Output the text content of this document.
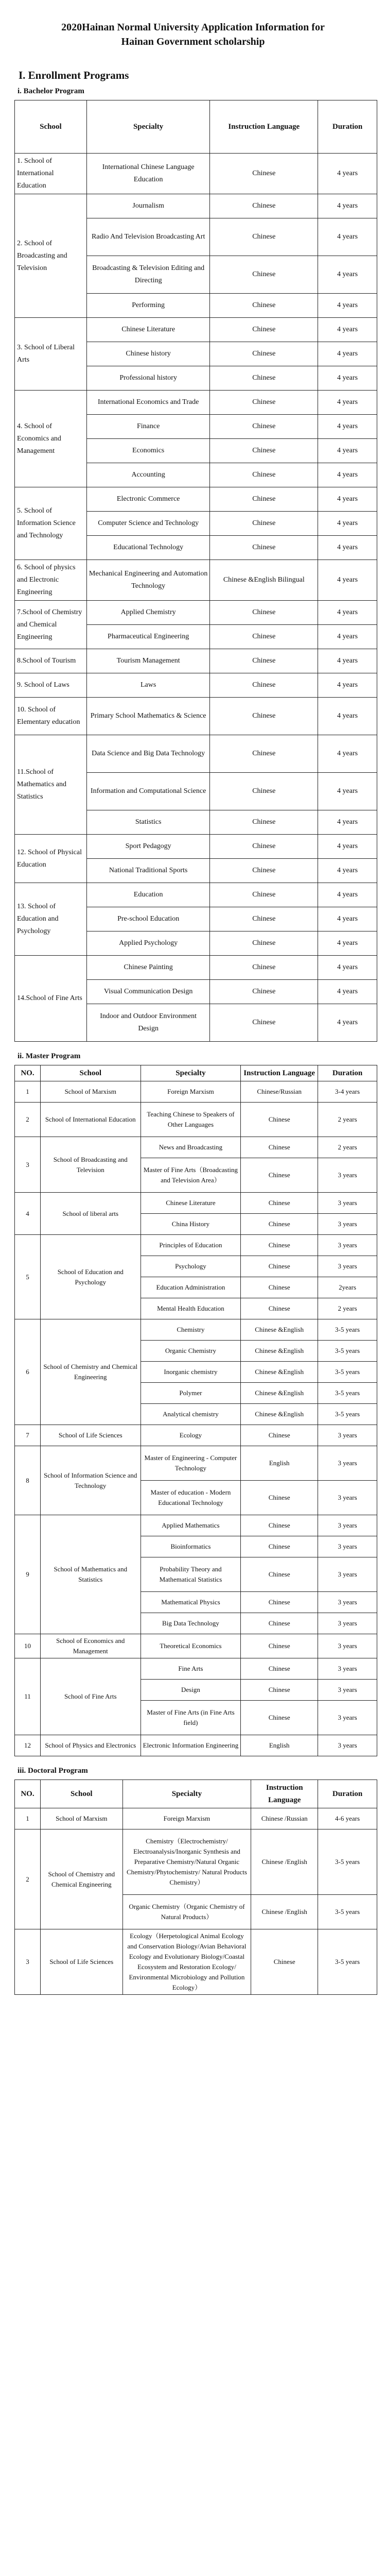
2020Hainan Normal University Application Information for
Hainan Government scholarship
I. Enrollment Programs
i. Bachelor Program
School	Specialty	Instruction Language	Duration
1. School of International Education	International Chinese Language Education	Chinese	4 years
2. School of Broadcasting and Television	Journalism	Chinese	4 years
	Radio And Television Broadcasting Art	Chinese	4 years
	Broadcasting & Television Editing and Directing	Chinese	4 years
	Performing	Chinese	4 years
3. School of Liberal Arts	Chinese Literature	Chinese	4 years
	Chinese history	Chinese	4 years
	Professional history	Chinese	4 years
4. School of Economics and Management	International Economics and Trade	Chinese	4 years
	Finance	Chinese	4 years
	Economics	Chinese	4 years
	Accounting	Chinese	4 years
5. School of Information Science and Technology	Electronic Commerce	Chinese	4 years
	Computer Science and Technology	Chinese	4 years
	Educational Technology	Chinese	4 years
6. School of physics and Electronic Engineering	Mechanical Engineering and Automation Technology	Chinese &English Bilingual	4 years
7.School of Chemistry and Chemical Engineering	Applied Chemistry	Chinese	4 years
	Pharmaceutical Engineering	Chinese	4 years
8.School of Tourism	Tourism Management	Chinese	4 years
9. School of Laws	Laws	Chinese	4 years
10. School of Elementary education	Primary School Mathematics & Science	Chinese	4 years
11.School of Mathematics and Statistics	Data Science and Big Data Technology	Chinese	4 years
	Information and Computational Science	Chinese	4 years
	Statistics	Chinese	4 years
12. School of Physical Education	Sport Pedagogy	Chinese	4 years
	National Traditional Sports	Chinese	4 years
13. School of Education and Psychology	Education	Chinese	4 years
	Pre-school Education	Chinese	4 years
	Applied Psychology	Chinese	4 years
14.School of Fine Arts	Chinese Painting	Chinese	4 years
	Visual Communication Design	Chinese	4 years
	Indoor and Outdoor Environment Design	Chinese	4 years
ii. Master Program
NO.	School	Specialty	Instruction Language	Duration
1	School of Marxism	Foreign Marxism	Chinese/Russian	3-4 years
2	School of International Education	Teaching Chinese to Speakers of Other Languages	Chinese	2 years
3	School of Broadcasting and Television	News and Broadcasting	Chinese	2 years
		Master of Fine Arts（Broadcasting and Television Area）	Chinese	3 years
4	School of liberal arts	Chinese Literature	Chinese	3 years
		China History	Chinese	3 years
5	School of Education and Psychology	Principles of Education	Chinese	3 years
		Psychology	Chinese	3 years
		Education Administration	Chinese	2years
		Mental Health Education	Chinese	2 years
6	School of Chemistry and Chemical Engineering	Chemistry	Chinese &English	3-5 years
		Organic Chemistry	Chinese &English	3-5 years
		Inorganic chemistry	Chinese &English	3-5 years
		Polymer	Chinese &English	3-5 years
		Analytical chemistry	Chinese &English	3-5 years
7	School of Life Sciences	Ecology	Chinese	3 years
8	School of Information Science and Technology	Master of Engineering - Computer Technology	English	3 years
		Master of education - Modern Educational Technology	Chinese	3 years
9	School of Mathematics and Statistics	Applied Mathematics	Chinese	3 years
		Bioinformatics	Chinese	3 years
		Probability Theory and Mathematical Statistics	Chinese	3 years
		Mathematical Physics	Chinese	3 years
		Big Data Technology	Chinese	3 years
10	School of Economics and Management	Theoretical Economics	Chinese	3 years
11	School of Fine Arts	Fine Arts	Chinese	3 years
		Design	Chinese	3 years
		Master of Fine Arts (in Fine Arts field)	Chinese	3 years
12	School of Physics and Electronics	Electronic Information Engineering	English	3 years
iii. Doctoral Program
NO.	School	Specialty	Instruction Language	Duration
1	School of Marxism	Foreign Marxism	Chinese /Russian	4-6 years
2	School of Chemistry and Chemical Engineering	Chemistry（Electrochemistry/ Electroanalysis/Inorganic Synthesis and Preparative Chemistry/Natural Organic Chemistry/Phytochemistry/ Natural Products Chemistry）	Chinese /English	3-5 years
		Organic Chemistry（Organic Chemistry of Natural Products）	Chinese /English	3-5 years
3	School of Life Sciences	Ecology（Herpetological Animal Ecology and Conservation Biology/Avian Behavioral Ecology and Evolutionary Biology/Coastal Ecosystem and Restoration Ecology/ Environmental Microbiology and Pollution Ecology）	Chinese	3-5 years
